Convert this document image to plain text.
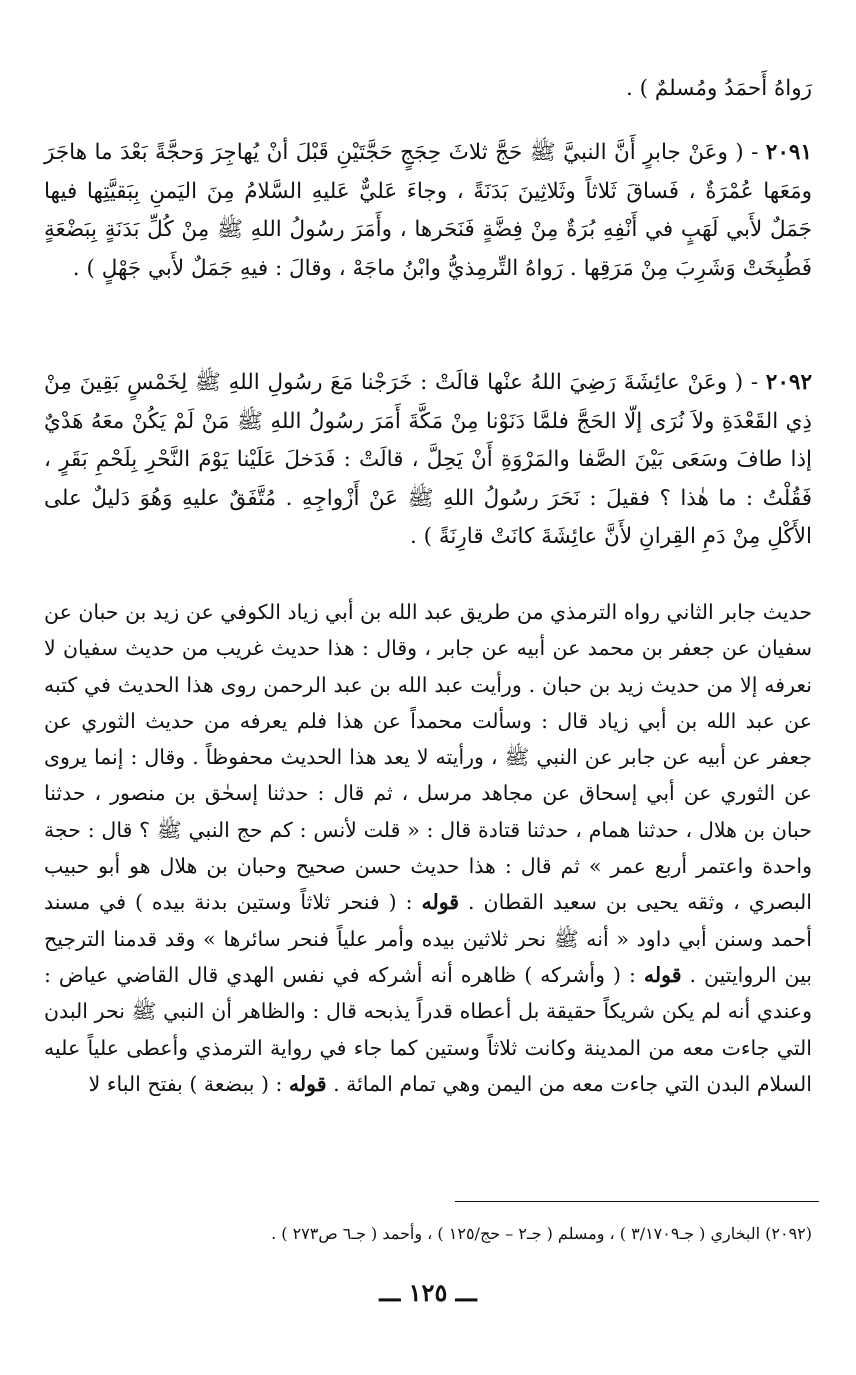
رَواهُ أَحمَدُ ومُسلمٌ ) .
٢٠٩١ - ( وعَنْ جابرٍ أَنَّ النبيَّ ﷺ حَجَّ ثلاثَ حِجَجٍ حَجَّتَيْنِ قَبْلَ أنْ يُهاجِرَ وَحجَّةً بَعْدَ ما هاجَرَ ومَعَها عُمْرَةٌ ، فَساقَ ثَلاثاً وثَلاثِينَ بَدَنَةً ، وجاءَ عَليٌّ عَليهِ السَّلامُ مِنَ اليَمنِ بِبَقيَّتِها فيها جَمَلٌ لأَبي لَهَبٍ في أَنْفِهِ بُرَةٌ مِنْ فِضَّةٍ فَنَحَرها ، وأَمَرَ رسُولُ اللهِ ﷺ مِنْ كُلِّ بَدَنَةٍ بِبَضْعَةٍ فَطُبِخَتْ وَشَرِبَ مِنْ مَرَقِها . رَواهُ التِّرمِذيُّ وابْنُ ماجَهْ ، وقالَ : فيهِ جَمَلٌ لأَبي جَهْلٍ ) .
٢٠٩٢ - ( وعَنْ عائِشَةَ رَضِيَ اللهُ عنْها قالَتْ : خَرَجْنا مَعَ رسُولِ اللهِ ﷺ لِخَمْسٍ بَقِينَ مِنْ ذِي القَعْدَةِ ولاَ نُرَى إلّا الحَجَّ فلمَّا دَنَوْنا مِنْ مَكَّةَ أَمَرَ رسُولُ اللهِ ﷺ مَنْ لَمْ يَكُنْ معَهُ هَدْيٌ إذا طافَ وسَعَى بَيْنَ الصَّفا والمَرْوَةِ أَنْ يَحِلَّ ، قالَتْ : فَدَخلَ عَلَيْنا يَوْمَ النَّحْرِ بِلَحْمِ بَقَرٍ ، فَقُلْتُ : ما هٰذا ؟ فقيلَ : نَحَرَ رسُولُ اللهِ ﷺ عَنْ أَزْواجِهِ . مُتَّفَقٌ عليهِ وَهُوَ دَليلٌ على الأَكْلِ مِنْ دَمِ القِرانِ لأَنَّ عائِشَةَ كانَتْ قارِنَةً ) .
حديث جابر الثاني رواه الترمذي من طريق عبد الله بن أبي زياد الكوفي عن زيد بن حبان عن سفيان عن جعفر بن محمد عن أبيه عن جابر ، وقال : هذا حديث غريب من حديث سفيان لا نعرفه إلا من حديث زيد بن حبان . ورأيت عبد الله بن عبد الرحمن روى هذا الحديث في كتبه عن عبد الله بن أبي زياد قال : وسألت محمداً عن هذا فلم يعرفه من حديث الثوري عن جعفر عن أبيه عن جابر عن النبي ﷺ ، ورأيته لا يعد هذا الحديث محفوظاً . وقال : إنما يروى عن الثوري عن أبي إسحاق عن مجاهد مرسل ، ثم قال : حدثنا إسحٰق بن منصور ، حدثنا حبان بن هلال ، حدثنا همام ، حدثنا قتادة قال : « قلت لأنس : كم حج النبي ﷺ ؟ قال : حجة واحدة واعتمر أربع عمر » ثم قال : هذا حديث حسن صحيح وحبان بن هلال هو أبو حبيب البصري ، وثقه يحيى بن سعيد القطان . قوله : ( فنحر ثلاثاً وستين بدنة بيده ) في مسند أحمد وسنن أبي داود « أنه ﷺ نحر ثلاثين بيده وأمر علياً فنحر سائرها » وقد قدمنا الترجيح بين الروايتين . قوله : ( وأشركه ) ظاهره أنه أشركه في نفس الهدي قال القاضي عياض : وعندي أنه لم يكن شريكاً حقيقة بل أعطاه قدراً يذبحه قال : والظاهر أن النبي ﷺ نحر البدن التي جاءت معه من المدينة وكانت ثلاثاً وستين كما جاء في رواية الترمذي وأعطى علياً عليه السلام البدن التي جاءت معه من اليمن وهي تمام المائة . قوله : ( ببضعة ) بفتح الباء لا
(٢٠٩٢) البخاري ( جـ٣/١٧٠٩ ) ، ومسلم ( جـ٢ – حج/١٢٥ ) ، وأحمد ( جـ٦ ص٢٧٣ ) .
ـــ ١٢٥ ـــ
